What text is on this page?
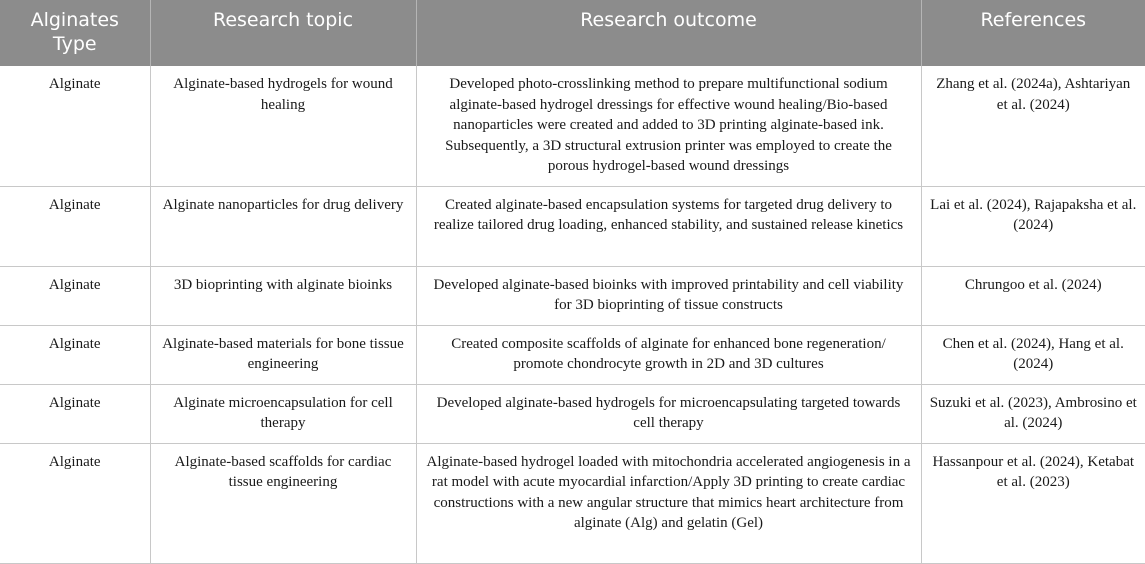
Alginates Type	Research topic	Research outcome	References
Alginate	Alginate-based hydrogels for wound healing	Developed photo-crosslinking method to prepare multifunctional sodium alginate-based hydrogel dressings for effective wound healing/Bio-based nanoparticles were created and added to 3D printing alginate-based ink. Subsequently, a 3D structural extrusion printer was employed to create the porous hydrogel-based wound dressings	Zhang et al. (2024a), Ashtariyan et al. (2024)
Alginate	Alginate nanoparticles for drug delivery	Created alginate-based encapsulation systems for targeted drug delivery to realize tailored drug loading, enhanced stability, and sustained release kinetics	Lai et al. (2024), Rajapaksha et al. (2024)
Alginate	3D bioprinting with alginate bioinks	Developed alginate-based bioinks with improved printability and cell viability for 3D bioprinting of tissue constructs	Chrungoo et al. (2024)
Alginate	Alginate-based materials for bone tissue engineering	Created composite scaffolds of alginate for enhanced bone regeneration/ promote chondrocyte growth in 2D and 3D cultures	Chen et al. (2024), Hang et al. (2024)
Alginate	Alginate microencapsulation for cell therapy	Developed alginate-based hydrogels for microencapsulating targeted towards cell therapy	Suzuki et al. (2023), Ambrosino et al. (2024)
Alginate	Alginate-based scaffolds for cardiac tissue engineering	Alginate-based hydrogel loaded with mitochondria accelerated angiogenesis in a rat model with acute myocardial infarction/Apply 3D printing to create cardiac constructions with a new angular structure that mimics heart architecture from alginate (Alg) and gelatin (Gel)	Hassanpour et al. (2024), Ketabat et al. (2023)
